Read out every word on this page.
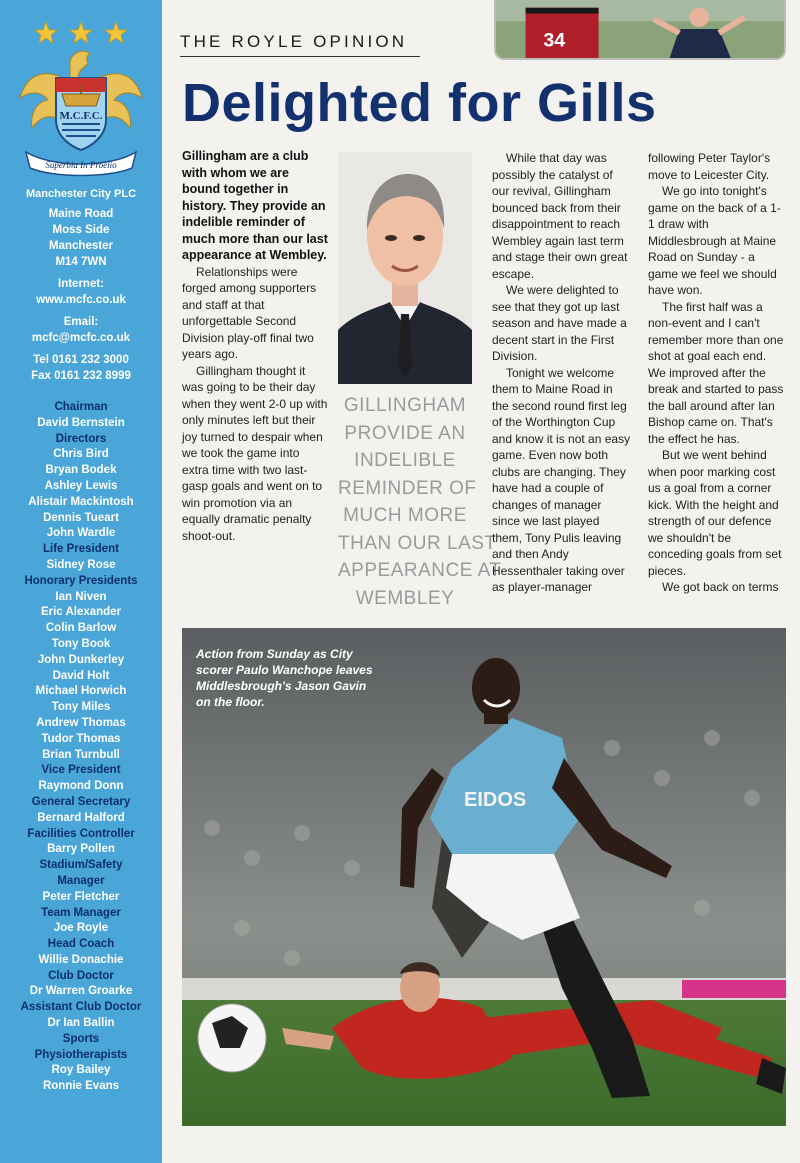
M.C.F.C.
Superbia In Proelio
Manchester City PLC
Maine Road
Moss Side
Manchester
M14 7WN
Internet:
www.mcfc.co.uk
Email:
mcfc@mcfc.co.uk
Tel 0161 232 3000
Fax 0161 232 8999
Chairman
David Bernstein
Directors
Chris Bird
Bryan Bodek
Ashley Lewis
Alistair Mackintosh
Dennis Tueart
John Wardle
Life President
Sidney Rose
Honorary Presidents
Ian Niven
Eric Alexander
Colin Barlow
Tony Book
John Dunkerley
David Holt
Michael Horwich
Tony Miles
Andrew Thomas
Tudor Thomas
Brian Turnbull
Vice President
Raymond Donn
General Secretary
Bernard Halford
Facilities Controller
Barry Pollen
Stadium/Safety
Manager
Peter Fletcher
Team Manager
Joe Royle
Head Coach
Willie Donachie
Club Doctor
Dr Warren Groarke
Assistant Club Doctor
Dr Ian Ballin
Sports
Physiotherapists
Roy Bailey
Ronnie Evans
THE ROYLE OPINION	34
Delighted for Gills

Gillingham are a club with whom we are bound together in history. They provide an indelible reminder of much more than our last appearance at Wembley.

Relationships were forged among supporters and staff at that unforgettable Second Division play-off final two years ago.

Gillingham thought it was going to be their day when they went 2-0 up with only minutes left but their joy turned to despair when we took the game into extra time with two last-gasp goals and went on to win promotion via an equally dramatic penalty shoot-out.

GILLINGHAM
PROVIDE AN
INDELIBLE
REMINDER OF
MUCH MORE
THAN OUR LAST
APPEARANCE AT
WEMBLEY

While that day was possibly the catalyst of our revival, Gillingham bounced back from their disappointment to reach Wembley again last term and stage their own great escape.

We were delighted to see that they got up last season and have made a decent start in the First Division.

Tonight we welcome them to Maine Road in the second round first leg of the Worthington Cup and know it is not an easy game. Even now both clubs are changing. They have had a couple of changes of manager since we last played them, Tony Pulis leaving and then Andy Hessenthaler taking over as player-manager

following Peter Taylor's move to Leicester City.

We go into tonight's game on the back of a 1-1 draw with Middlesbrough at Maine Road on Sunday - a game we feel we should have won.

The first half was a non-event and I can't remember more than one shot at goal each end. We improved after the break and started to pass the ball around after Ian Bishop came on. That's the effect he has.

But we went behind when poor marking cost us a goal from a corner kick. With the height and strength of our defence we shouldn't be conceding goals from set pieces.

We got back on terms

EIDOS
Action from Sunday as City
scorer Paulo Wanchope leaves
Middlesbrough's Jason Gavin
on the floor.
